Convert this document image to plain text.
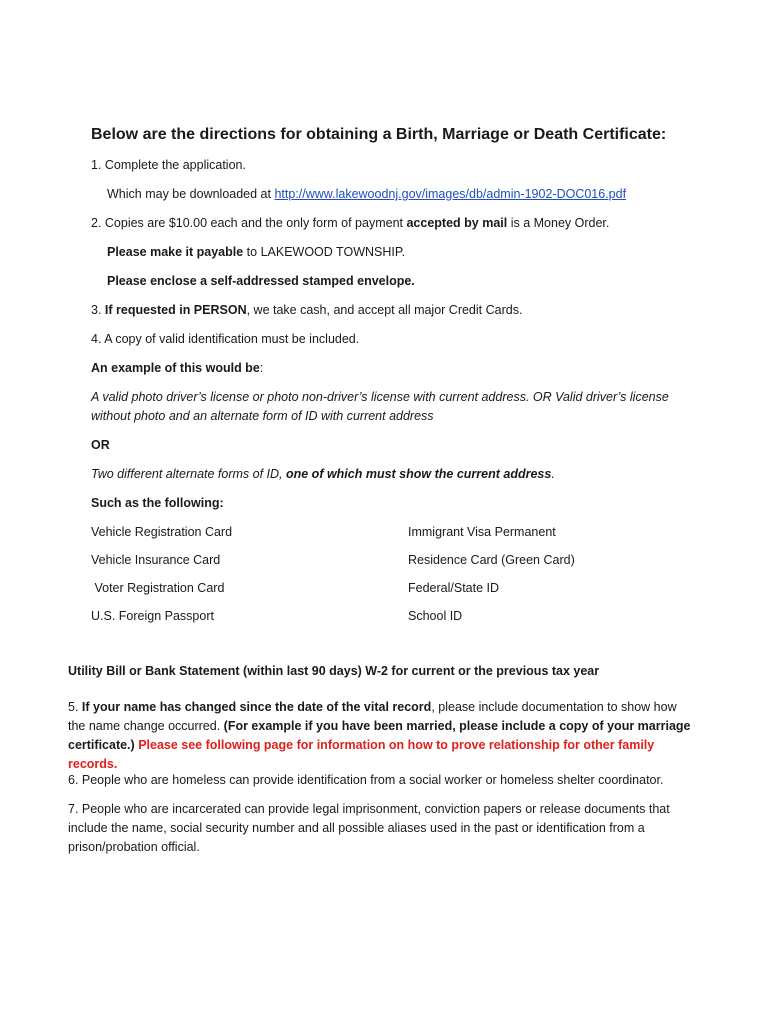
Below are the directions for obtaining a Birth, Marriage or Death Certificate:
1. Complete the application.
Which may be downloaded at http://www.lakewoodnj.gov/images/db/admin-1902-DOC016.pdf
2. Copies are $10.00 each and the only form of payment accepted by mail is a Money Order.
Please make it payable to LAKEWOOD TOWNSHIP.
Please enclose a self-addressed stamped envelope.
3. If requested in PERSON, we take cash, and accept all major Credit Cards.
4. A copy of valid identification must be included.
An example of this would be:
A valid photo driver’s license or photo non-driver’s license with current address. OR Valid driver’s license without photo and an alternate form of ID with current address
OR
Two different alternate forms of ID, one of which must show the current address.
Such as the following:
Vehicle Registration Card
Vehicle Insurance Card
Voter Registration Card
U.S. Foreign Passport
Immigrant Visa Permanent
Residence Card (Green Card)
Federal/State ID
School ID
Utility Bill or Bank Statement (within last 90 days) W-2 for current or the previous tax year
5. If your name has changed since the date of the vital record, please include documentation to show how the name change occurred. (For example if you have been married, please include a copy of your marriage certificate.) Please see following page for information on how to prove relationship for other family records.
6. People who are homeless can provide identification from a social worker or homeless shelter coordinator.
7. People who are incarcerated can provide legal imprisonment, conviction papers or release documents that include the name, social security number and all possible aliases used in the past or identification from a prison/probation official.
